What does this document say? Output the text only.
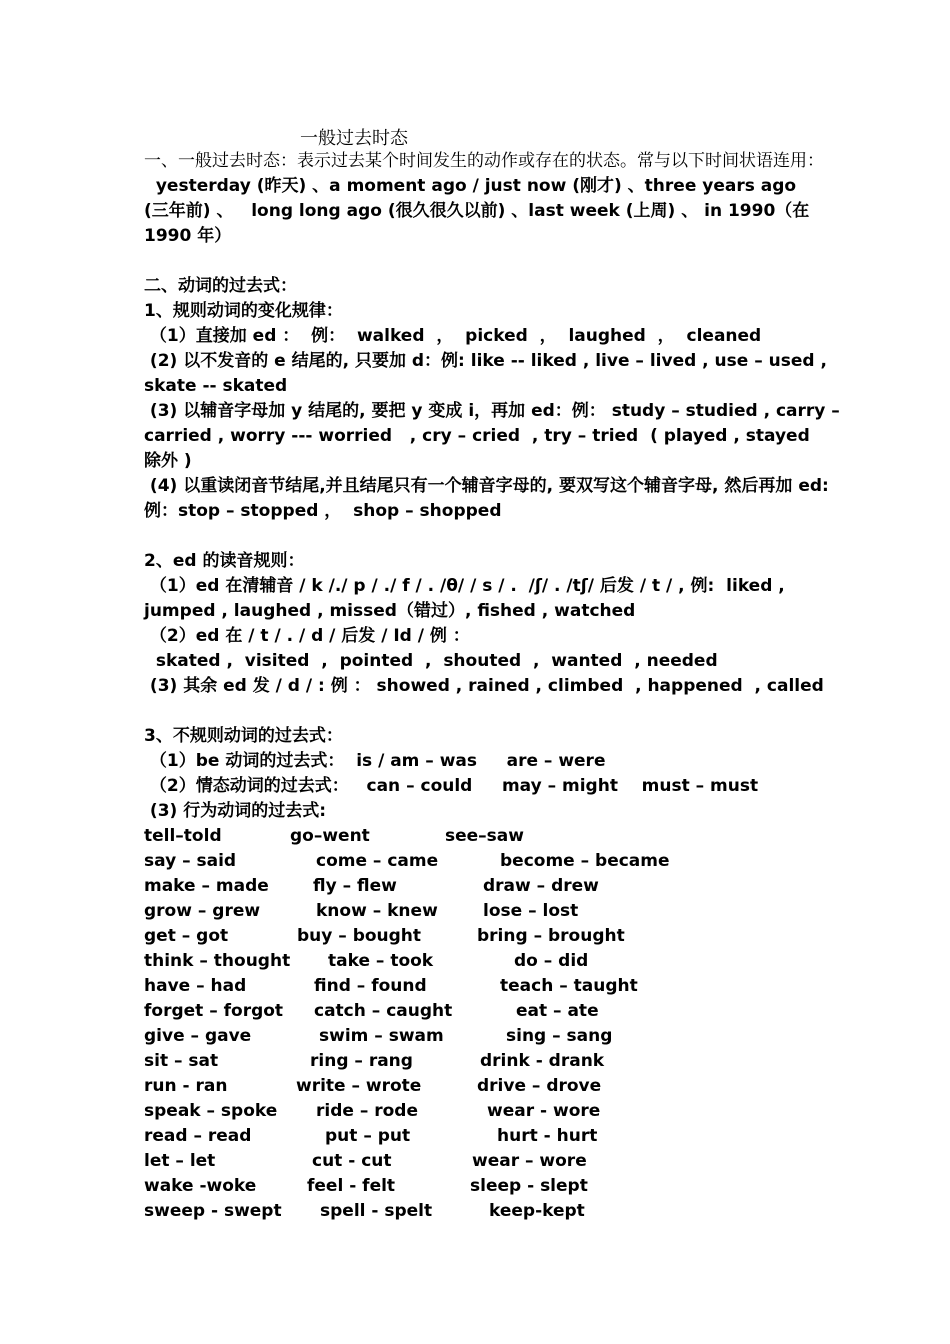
一般过去时态
一、一般过去时态：表示过去某个时间发生的动作或存在的状态。常与以下时间状语连用：
yesterday (昨天) 、a moment ago / just now (刚才) 、three years ago
(三年前) 、   long long ago (很久很久以前) 、last week (上周) 、 in 1990（在
1990 年）
二、动词的过去式：
1、规则动词的变化规律：
（1）直接加 ed ：  例：  walked  ，  picked  ，  laughed  ，  cleaned
(2) 以不发音的 e 结尾的, 只要加 d：例: like -- liked , live – lived , use – used ,
skate -- skated
(3) 以辅音字母加 y 结尾的, 要把 y 变成 i，再加 ed：例： study – studied , carry –
carried , worry --- worried   , cry – cried  , try – tried  ( played , stayed
除外 )
(4) 以重读闭音节结尾,并且结尾只有一个辅音字母的, 要双写这个辅音字母, 然后再加 ed:
例：stop – stopped ，  shop – shopped
2、ed 的读音规则：
（1）ed 在清辅音 / k /./ p / ./ f / . /θ/ / s / .  /ʃ/ . /tʃ/ 后发 / t / , 例:  liked ,
jumped , laughed , missed（错过）, fished , watched
（2）ed 在 / t / . / d / 后发 / Id / 例 ：
skated ,  visited  ,  pointed  ,  shouted  ,  wanted  , needed
(3) 其余 ed 发 / d / : 例 ： showed , rained , climbed  , happened  , called
3、不规则动词的过去式：
（1）be 动词的过去式：  is / am – was     are – were
（2）情态动词的过去式：   can – could     may – might    must – must
(3) 行为动词的过去式:
tell–told	go–went	see–saw
say – said	come – came	become – became
make – made	fly – flew	draw – drew
grow – grew	know – knew	lose – lost
get – got	buy – bought	bring – brought
think – thought take – took	do – did
have – had	find – found	teach – taught
forget – forgot catch – caught	eat – ate
give – gave	swim – swam	sing – sang
sit – sat	ring – rang	drink - drank
run - ran	write – wrote	drive – drove
speak – spoke ride – rode	wear - wore
read – read	put – put	hurt - hurt
let – let	cut - cut	wear – wore
wake -woke	feel - felt	sleep - slept
sweep - swept spell - spelt	keep-kept
